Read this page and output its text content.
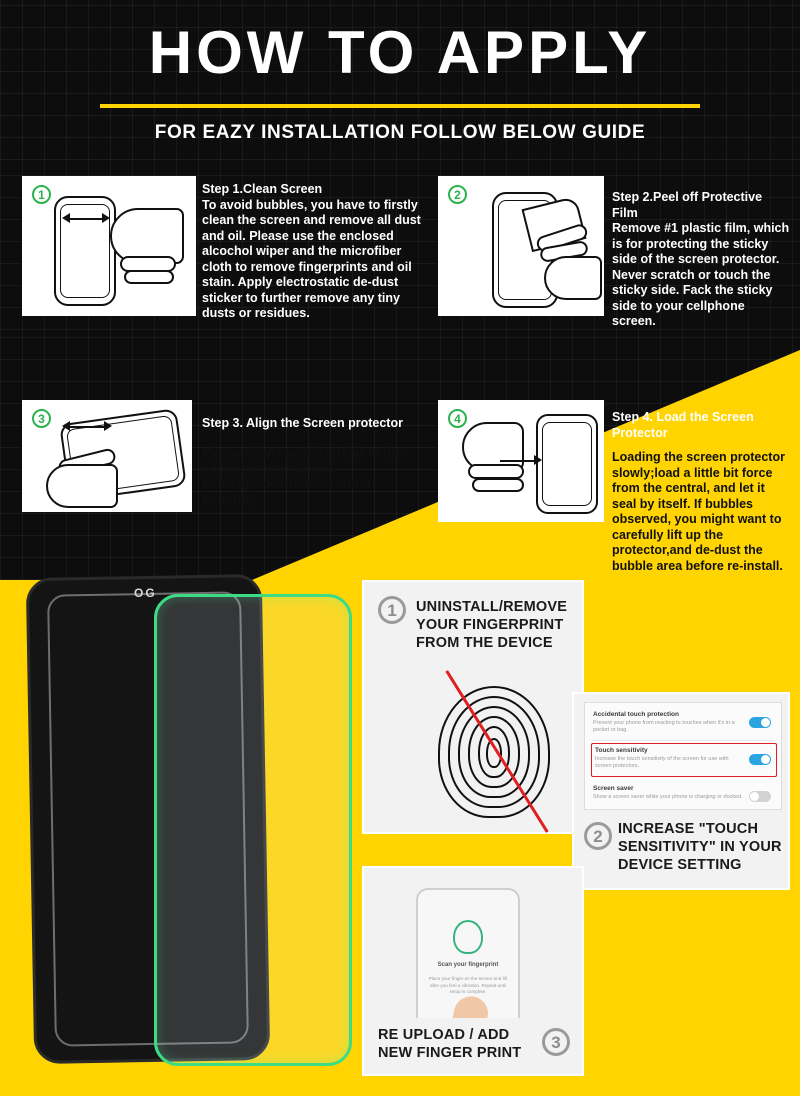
HOW TO APPLY
FOR EAZY INSTALLATION FOLLOW BELOW GUIDE
1	Step 1.Clean Screen
To avoid bubbles, you have to firstly clean the screen and remove all dust and oil. Please use the enclosed alcochol wiper and the microfiber cloth to remove fingerprints and oil stain. Apply electrostatic de-dust sticker to further remove any tiny dusts or residues.
2	Step 2.Peel off Protective Film
Remove #1 plastic film, which is for protecting the sticky side of the screen protector. Never scratch or touch the sticky side. Fack the sticky side to your cellphone screen.
3	Step 3. Align the Screen protector
Please align carefully (refer to the edges,cutouts,camera holes,speaker holes, control buttons).
4	Step 4. Load the Screen Protector
Loading the screen protector slowly;load a little bit force from the central, and let it seal by itself. If bubbles observed, you might want to carefully lift up the protector,and de-dust the bubble area before re-install.
OG
1	UNINSTALL/REMOVE YOUR FINGERPRINT FROM THE DEVICE
Accidental touch protection
Prevent your phone from reacting to touches when it's in a pocket or bag.
Touch sensitivity
Increase the touch sensitivity of the screen for use with screen protectors.
Screen saver
Show a screen saver while your phone is charging or docked.
2	INCREASE "TOUCH SENSITIVITY" IN YOUR DEVICE SETTING
Scan your fingerprint
Place your finger on the sensor and lift after you feel a vibration. Repeat until setup is complete.
RE UPLOAD / ADD NEW FINGER PRINT
3
